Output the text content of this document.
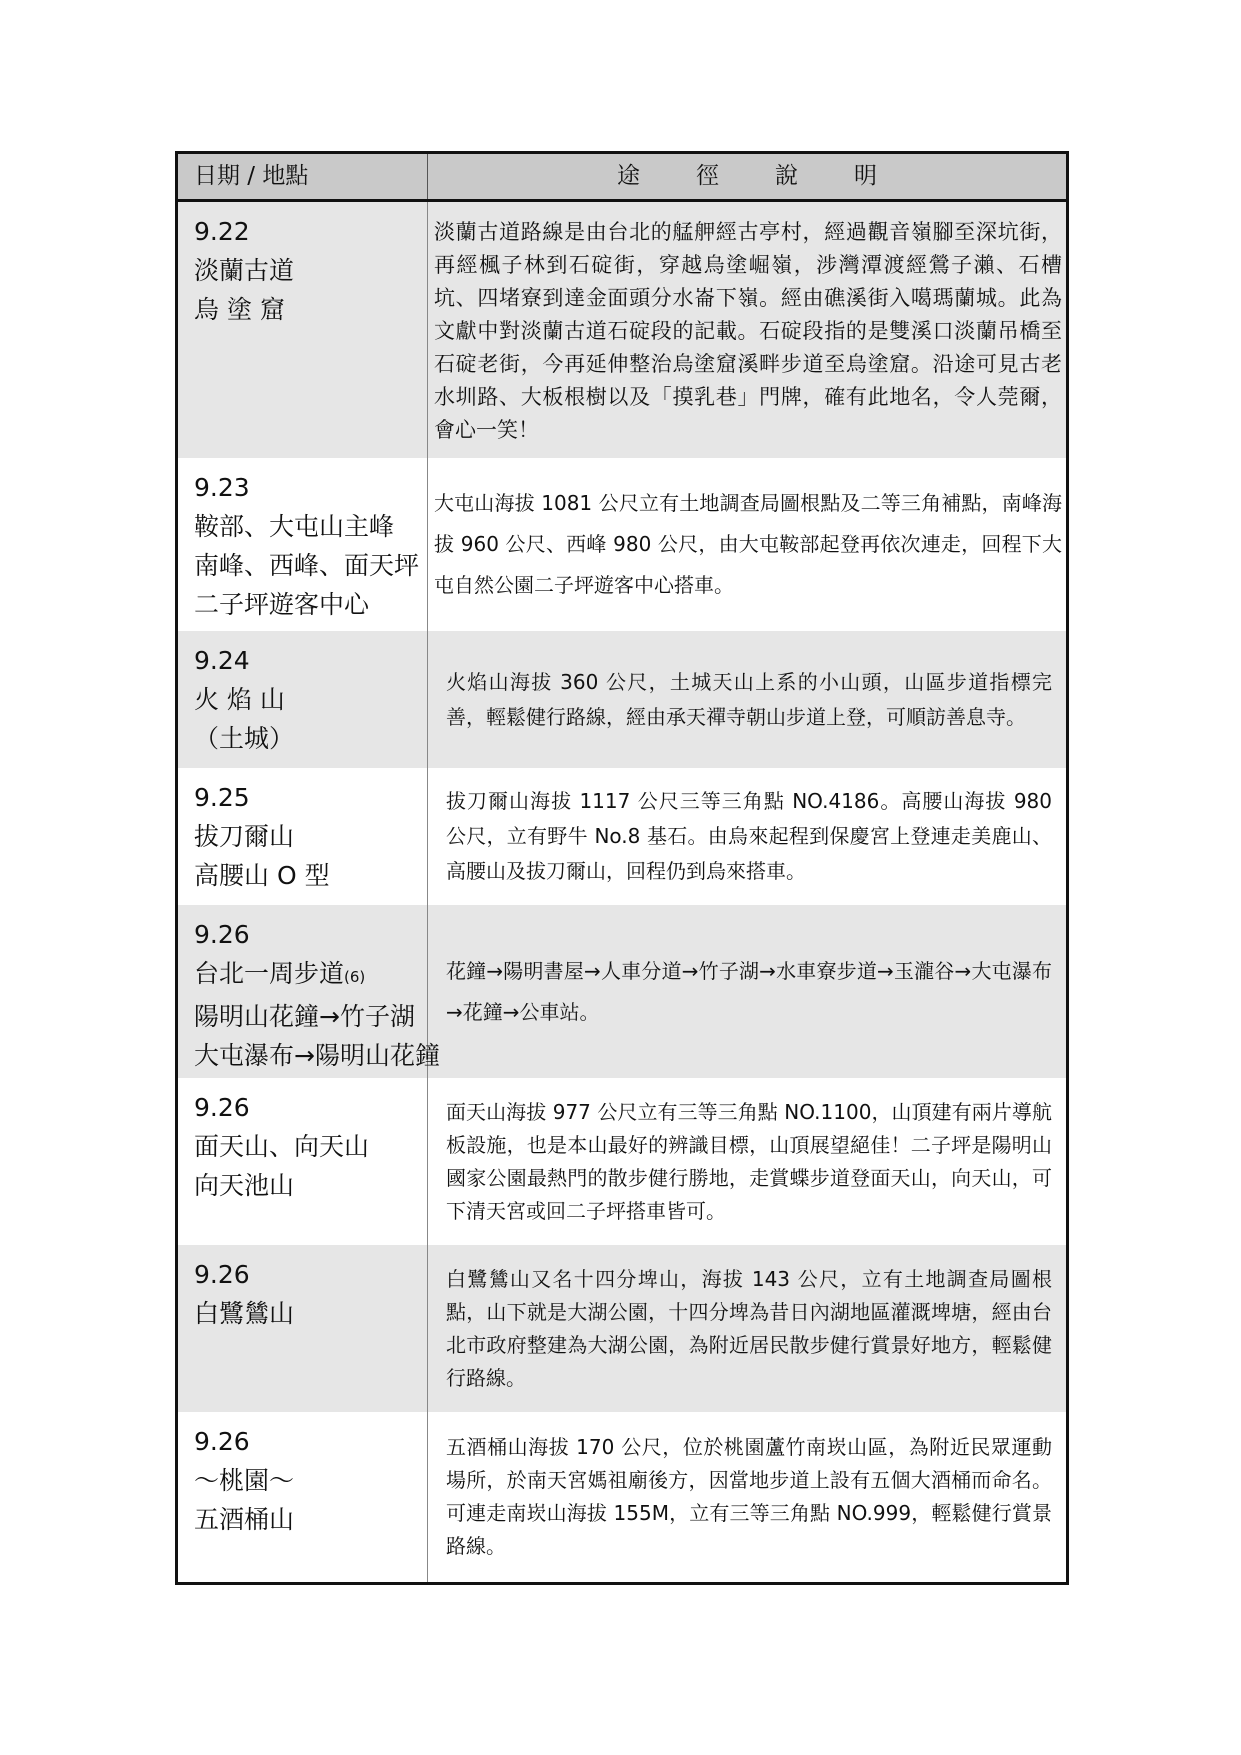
日期 / 地點	途 徑 說 明
9.22
淡蘭古道
烏 塗 窟
淡蘭古道路線是由台北的艋舺經古亭村，經過觀音嶺腳至深坑街，再經楓子林到石碇街，穿越烏塗崛嶺，涉灣潭渡經鶯子瀨、石槽坑、四堵寮到達金面頭分水崙下嶺。經由礁溪街入噶瑪蘭城。此為文獻中對淡蘭古道石碇段的記載。石碇段指的是雙溪口淡蘭吊橋至石碇老街，今再延伸整治烏塗窟溪畔步道至烏塗窟。沿途可見古老水圳路、大板根樹以及「摸乳巷」門牌，確有此地名，令人莞爾，會心一笑！
9.23
鞍部、大屯山主峰
南峰、西峰、面天坪
二子坪遊客中心
大屯山海拔 1081 公尺立有土地調查局圖根點及二等三角補點，南峰海拔 960 公尺、西峰 980 公尺，由大屯鞍部起登再依次連走，回程下大屯自然公園二子坪遊客中心搭車。
9.24
火 焰 山
（土城）
火焰山海拔 360 公尺，土城天山上系的小山頭，山區步道指標完善，輕鬆健行路線，經由承天禪寺朝山步道上登，可順訪善息寺。
9.25
拔刀爾山
高腰山 O 型
拔刀爾山海拔 1117 公尺三等三角點 NO.4186。高腰山海拔 980 公尺，立有野牛 No.8 基石。由烏來起程到保慶宮上登連走美鹿山、高腰山及拔刀爾山，回程仍到烏來搭車。
9.26
台北一周步道(6)
陽明山花鐘→竹子湖
大屯瀑布→陽明山花鐘
花鐘→陽明書屋→人車分道→竹子湖→水車寮步道→玉瀧谷→大屯瀑布→花鐘→公車站。
9.26
面天山、向天山
向天池山
面天山海拔 977 公尺立有三等三角點 NO.1100，山頂建有兩片導航板設施，也是本山最好的辨識目標，山頂展望絕佳！二子坪是陽明山國家公園最熱門的散步健行勝地，走賞蝶步道登面天山，向天山，可下清天宮或回二子坪搭車皆可。
9.26
白鷺鷥山
白鷺鷥山又名十四分埤山，海拔 143 公尺，立有土地調查局圖根點，山下就是大湖公園，十四分埤為昔日內湖地區灌溉埤塘，經由台北市政府整建為大湖公園，為附近居民散步健行賞景好地方，輕鬆健行路線。
9.26
～桃園～
五酒桶山
五酒桶山海拔 170 公尺，位於桃園蘆竹南崁山區，為附近民眾運動場所，於南天宮媽祖廟後方，因當地步道上設有五個大酒桶而命名。可連走南崁山海拔 155M，立有三等三角點 NO.999，輕鬆健行賞景路線。
